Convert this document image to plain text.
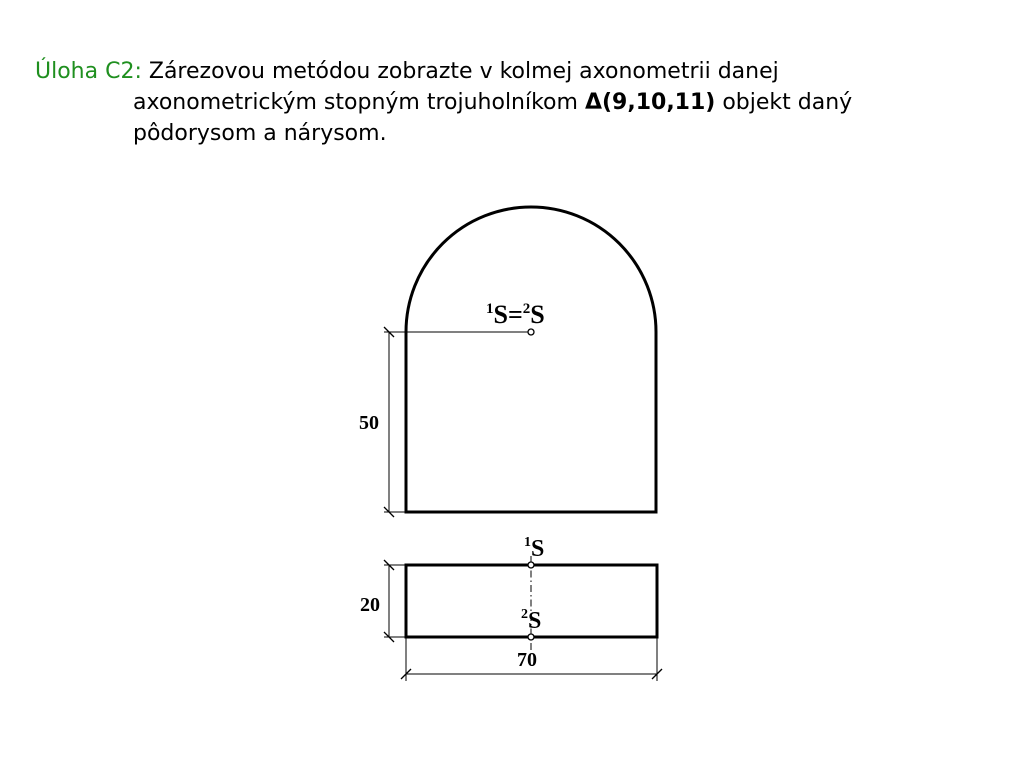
Úloha C2: Zárezovou metódou zobrazte v kolmej axonometrii danej
axonometrickým stopným trojuholníkom Δ(9,10,11) objekt daný
pôdorysom a nárysom.
$^1$S=$^2$S
50
$^1$S
$^2$S
20
70
